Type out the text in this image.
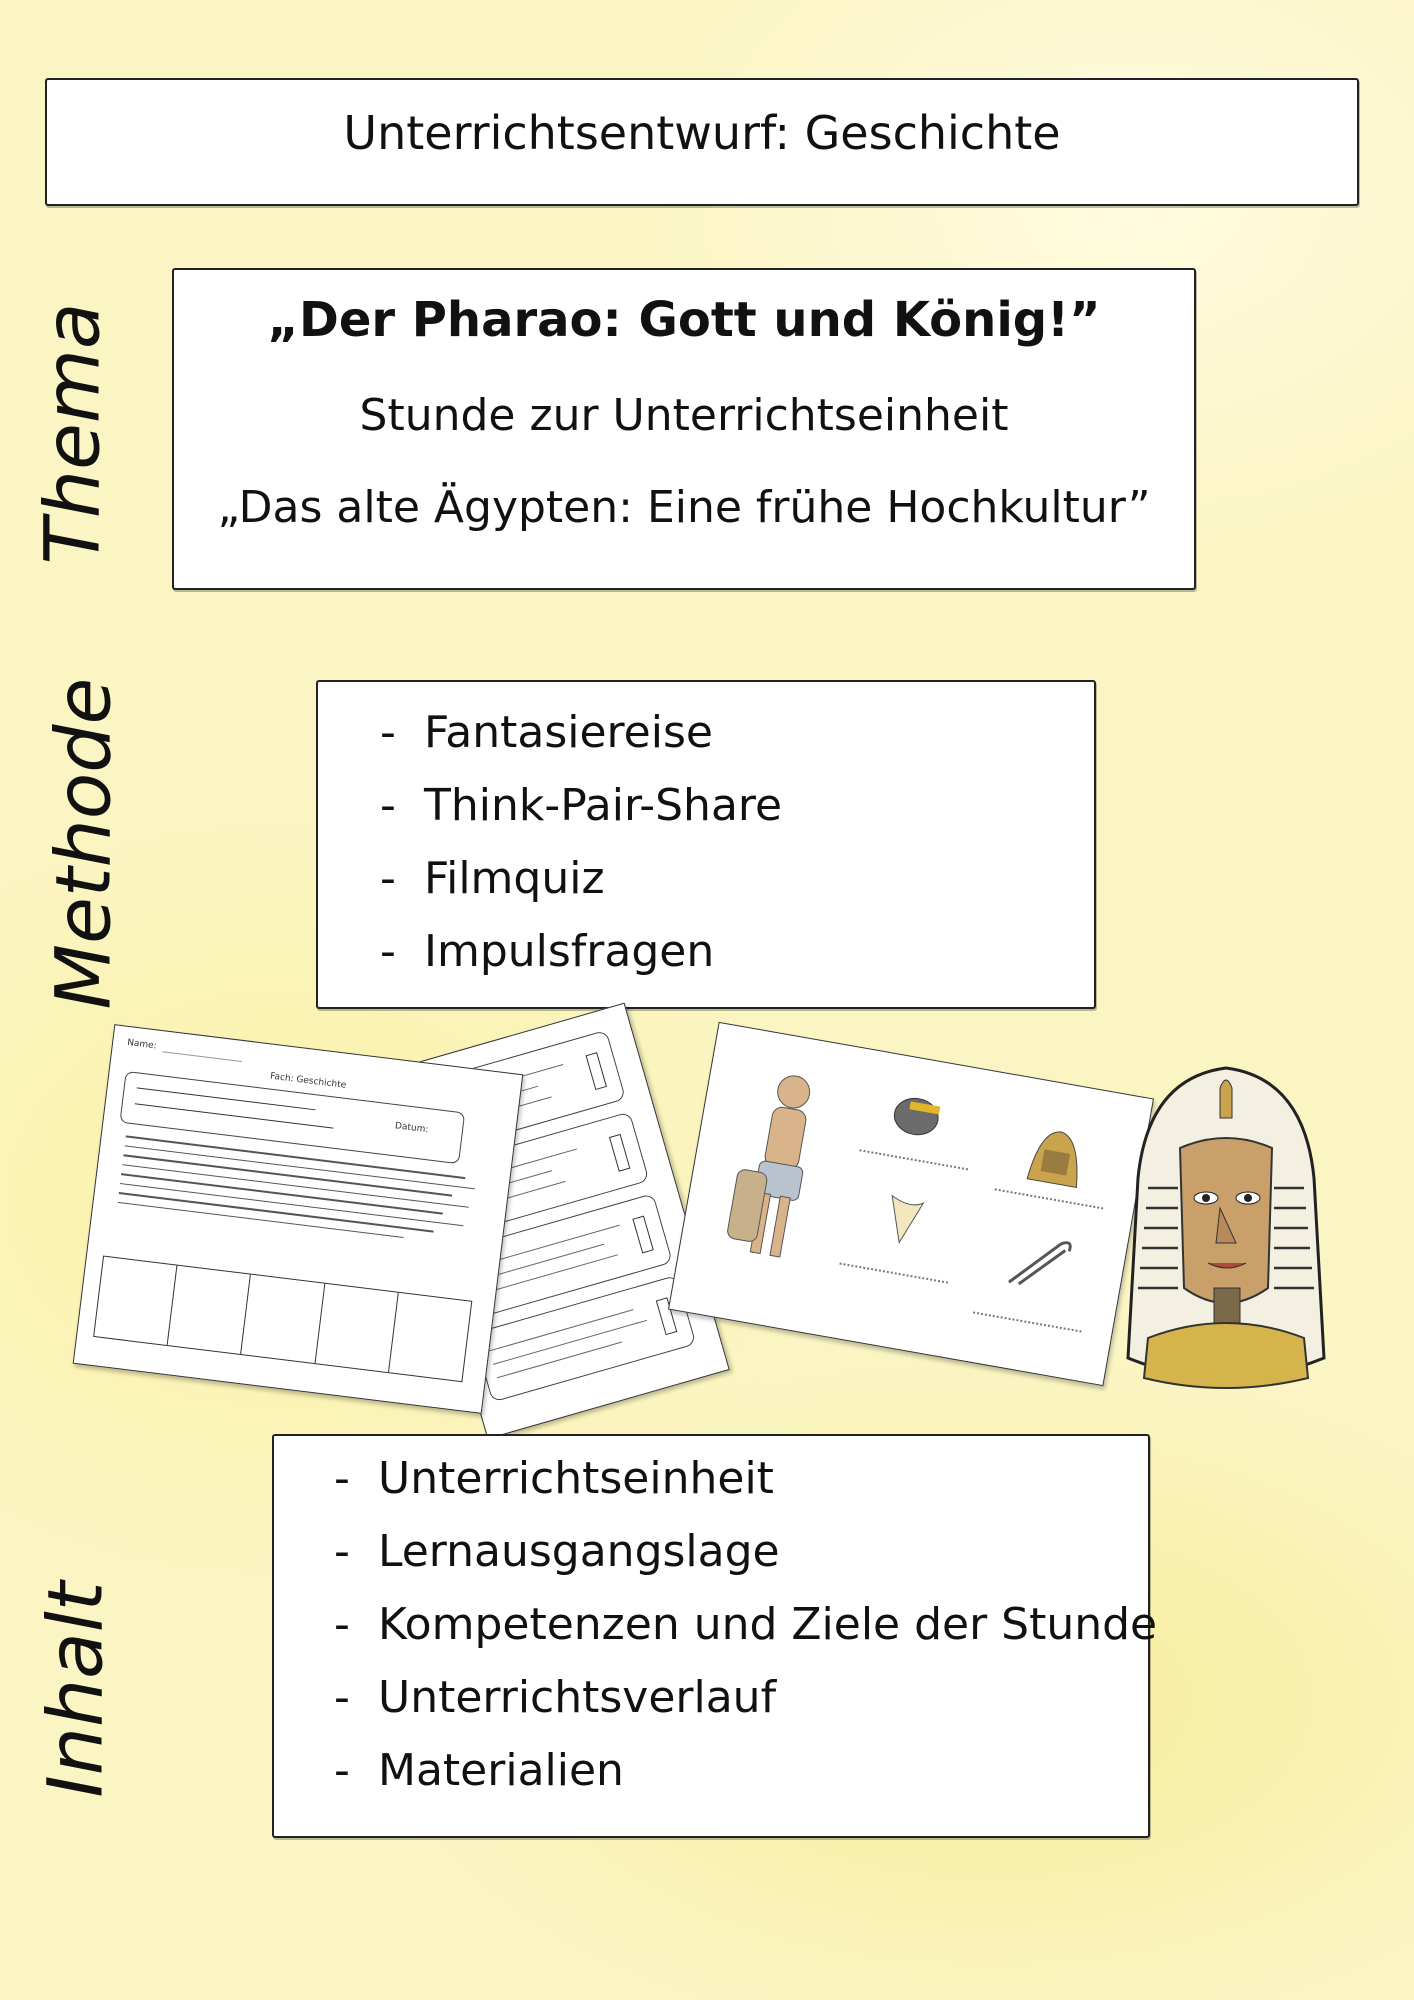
Unterrichtsentwurf: Geschichte
Thema	„Der Pharao: Gott und König!”
Stunde zur Unterrichtseinheit
„Das alte Ägypten: Eine frühe Hochkultur”
Methode	- Fantasiereise
- Think-Pair-Share
- Filmquiz
- Impulsfragen
Name:
Fach: Geschichte
Datum:
Inhalt
- Unterrichtseinheit
- Lernausgangslage
- Kompetenzen und Ziele der Stunde
- Unterrichtsverlauf
- Materialien
